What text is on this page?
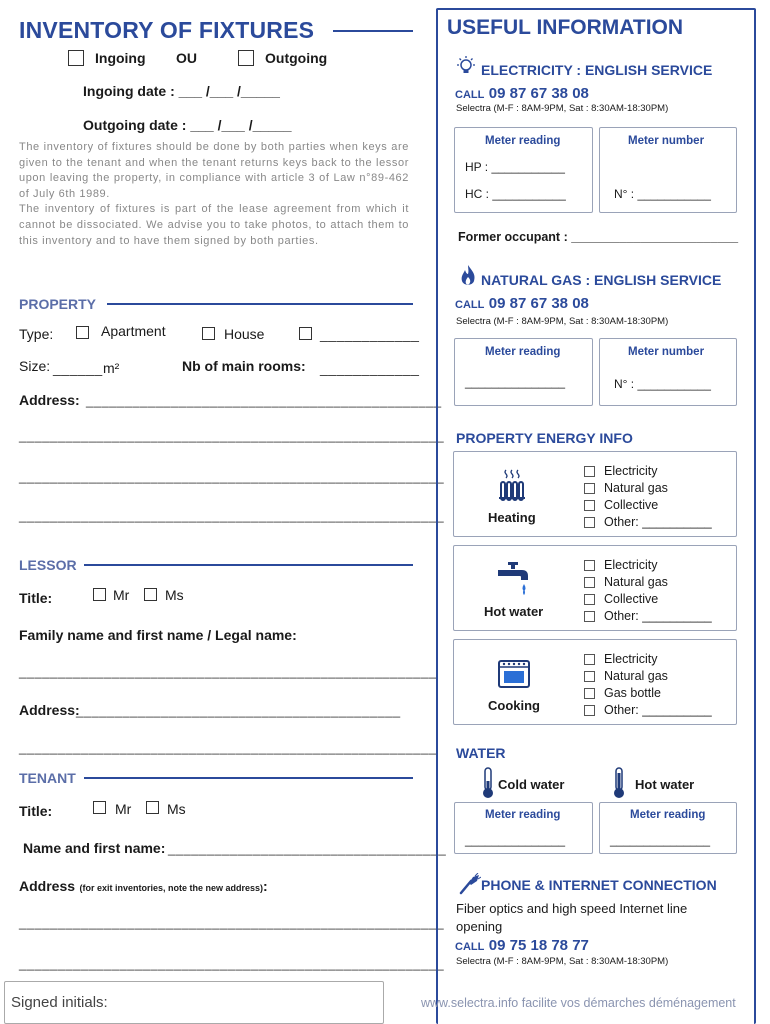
INVENTORY OF FIXTURES
Ingoing OU	Outgoing
Ingoing date : ___ /___ /_____
Outgoing date : ___ /___ /_____
The inventory of fixtures should be done by both parties when keys are given to the tenant and when the tenant returns keys back to the lessor upon leaving the property, in compliance with article 3 of Law n°89-462 of July 6th 1989.
The inventory of fixtures is part of the lease agreement from which it cannot be dissociated. We advise you to take photos, to attach them to this inventory and to have them signed by both parties.
PROPERTY
Type:	Apartment	House	____________
Size: ______ m²	Nb of main rooms: ____________
Address: ______________________________________________
_______________________________________________________
_______________________________________________________
_______________________________________________________
LESSOR
Title:	Mr	Ms
Family name and first name / Legal name:
______________________________________________________
Address:
__________________________________________
______________________________________________________
TENANT
Title:	Mr	Ms
Name and first name: ____________________________________
Address (for exit inventories, note the new address):
_______________________________________________________
_______________________________________________________
Signed initials:
USEFUL INFORMATION
ELECTRICITY : ENGLISH SERVICE
CALL 09 87 67 38 08
Selectra (M-F : 8AM-9PM, Sat : 8:30AM-18:30PM)
Meter reading
HP : ___________
HC : ___________
Meter number
N° : ___________
Former occupant : ________________________
NATURAL GAS : ENGLISH SERVICE
CALL 09 87 67 38 08
Selectra (M-F : 8AM-9PM, Sat : 8:30AM-18:30PM)
Meter reading
_______________
Meter number
N° : ___________
PROPERTY ENERGY INFO
Heating
Electricity
Natural gas
Collective
Other: __________
Hot water
Electricity
Natural gas
Collective
Other: __________
Cooking
Electricity
Natural gas
Gas bottle
Other: __________
WATER
Cold water	Hot water
Meter reading
_______________
Meter reading
_______________
PHONE & INTERNET CONNECTION
Fiber optics and high speed Internet line opening
CALL 09 75 18 78 77
Selectra (M-F : 8AM-9PM, Sat : 8:30AM-18:30PM)
www.selectra.info facilite vos démarches déménagement
